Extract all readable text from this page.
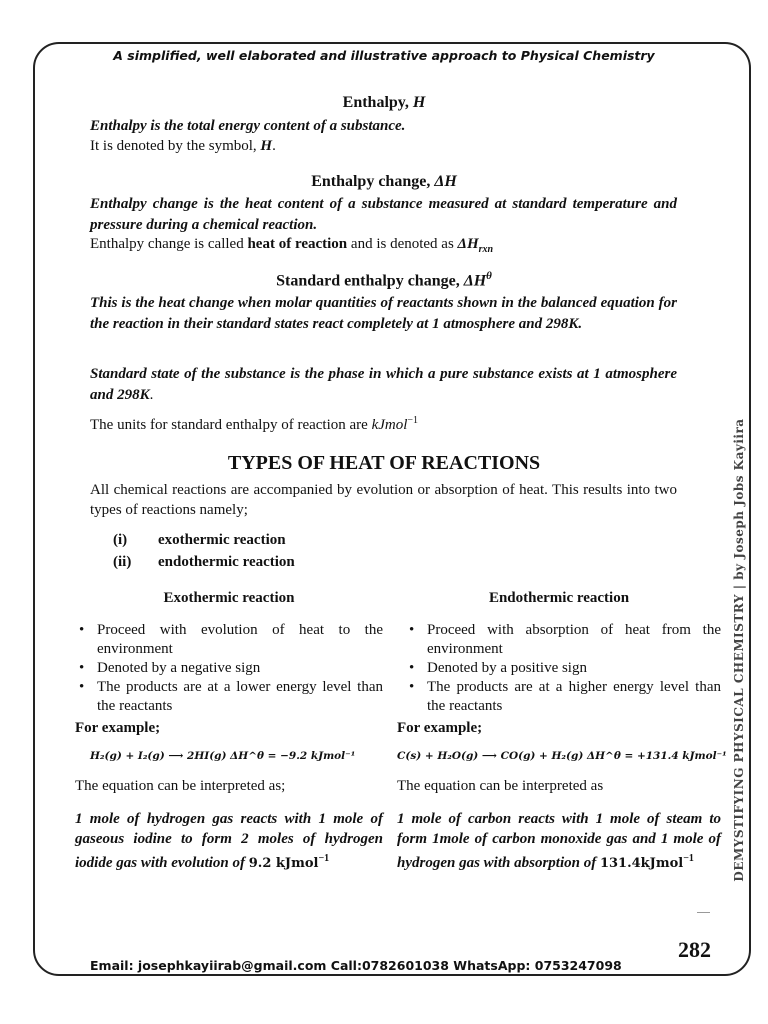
A simplified, well elaborated and illustrative approach to Physical Chemistry
DEMYSTIFYING PHYSICAL CHEMISTRY | by Joseph Jobs Kayiira
Enthalpy, H
Enthalpy is the total energy content of a substance.
It is denoted by the symbol, H.
Enthalpy change, ΔH
Enthalpy change is the heat content of a substance measured at standard temperature and pressure during a chemical reaction.
Enthalpy change is called heat of reaction and is denoted as $\Delta H_{rxn}$
Standard enthalpy change, $\Delta H^\theta$
This is the heat change when molar quantities of reactants shown in the balanced equation for the reaction in their standard states react completely at 1 atmosphere and 298K.
Standard state of the substance is the phase in which a pure substance exists at 1 atmosphere and 298K.
The units for standard enthalpy of reaction are kJmol$^{-1}$
TYPES OF HEAT OF REACTIONS
All chemical reactions are accompanied by evolution or absorption of heat. This results into two types of reactions namely;
(i) exothermic reaction
(ii) endothermic reaction
Exothermic reaction
• Proceed with evolution of heat to the environment
• Denoted by a negative sign
• The products are at a lower energy level than the reactants
For example;
H₂(g) + I₂(g) ⟶ 2HI(g) ΔH^θ = −9.2 kJmol⁻¹
The equation can be interpreted as;
1 mole of hydrogen gas reacts with 1 mole of gaseous iodine to form 2 moles of hydrogen iodide gas with evolution of 9.2 kJmol$^{-1}$
Endothermic reaction
• Proceed with absorption of heat from the environment
• Denoted by a positive sign
• The products are at a higher energy level than the reactants
For example;
C(s) + H₂O(g) ⟶ CO(g) + H₂(g) ΔH^θ = +131.4 kJmol⁻¹
The equation can be interpreted as
1 mole of carbon reacts with 1 mole of steam to form 1mole of carbon monoxide gas and 1 mole of hydrogen gas with absorption of 131.4kJmol$^{-1}$
282
Email: josephkayiirab@gmail.com Call:0782601038 WhatsApp: 0753247098
